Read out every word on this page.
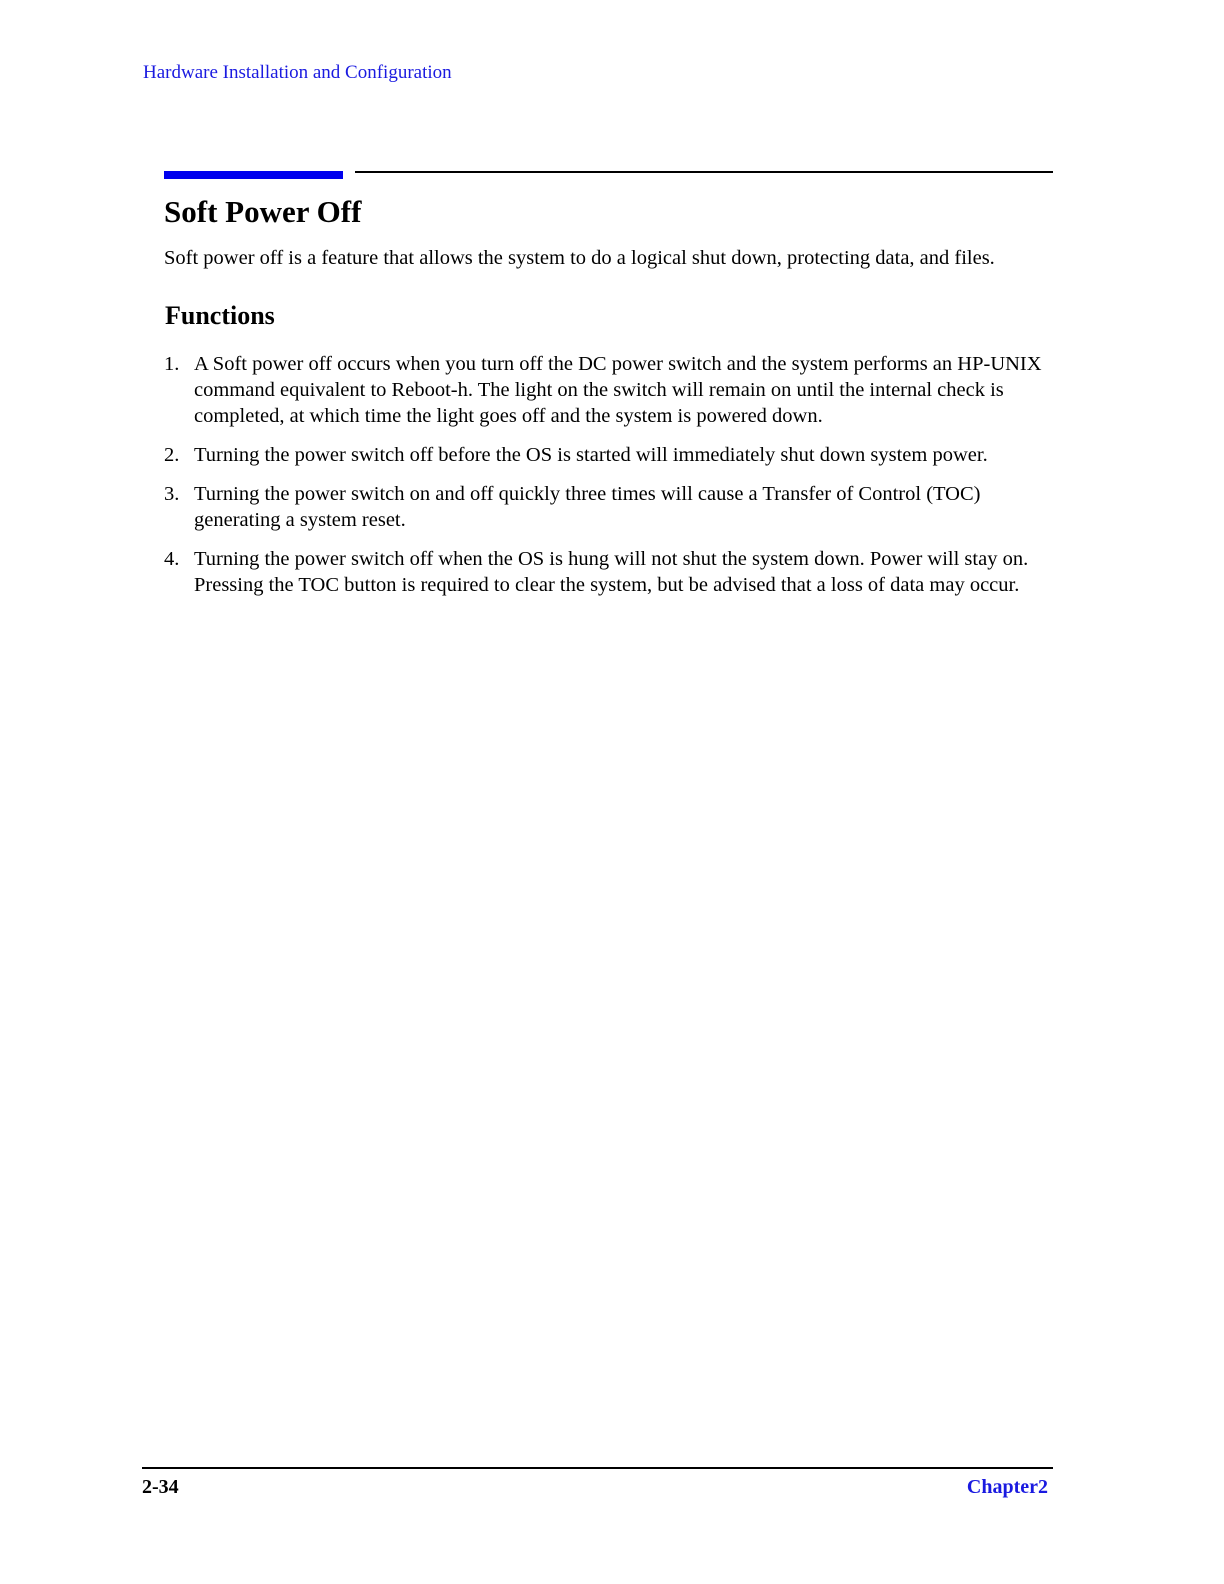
Hardware Installation and Configuration
Soft Power Off

Soft power off is a feature that allows the system to do a logical shut down, protecting data, and files.

Functions
1. A Soft power off occurs when you turn off the DC power switch and the system performs an HP-UNIX command equivalent to Reboot-h. The light on the switch will remain on until the internal check is completed, at which time the light goes off and the system is powered down.
2. Turning the power switch off before the OS is started will immediately shut down system power.
3. Turning the power switch on and off quickly three times will cause a Transfer of Control (TOC) generating a system reset.
4. Turning the power switch off when the OS is hung will not shut the system down. Power will stay on. Pressing the TOC button is required to clear the system, but be advised that a loss of data may occur.
2-34	Chapter2
